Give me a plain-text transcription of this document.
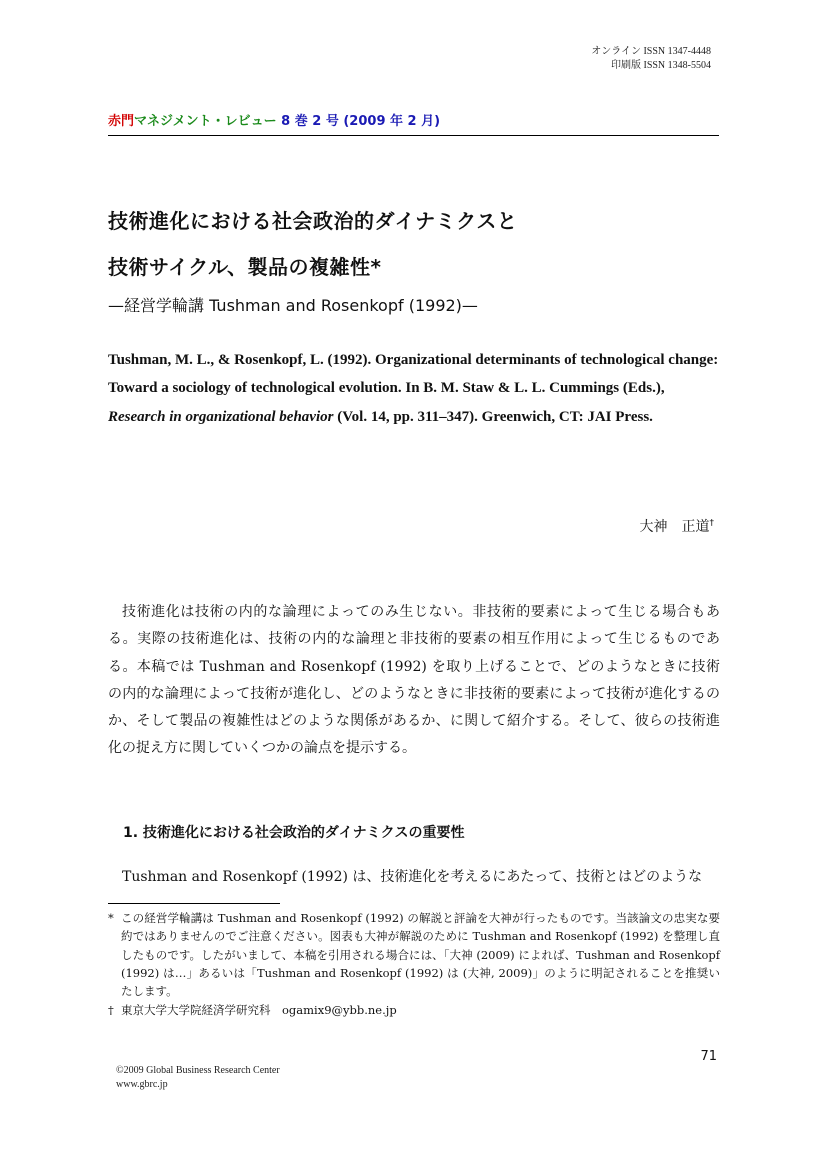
オンライン ISSN 1347-4448
印刷版 ISSN 1348-5504
赤門マネジメント・レビュー 8 巻 2 号 (2009 年 2 月)
技術進化における社会政治的ダイナミクスと
技術サイクル、製品の複雑性*
—経営学輪講 Tushman and Rosenkopf (1992)—
Tushman, M. L., & Rosenkopf, L. (1992). Organizational determinants of technological change: Toward a sociology of technological evolution. In B. M. Staw & L. L. Cummings (Eds.), Research in organizational behavior (Vol. 14, pp. 311–347). Greenwich, CT: JAI Press.
大神　正道†

技術進化は技術の内的な論理によってのみ生じない。非技術的要素によって生じる場合もある。実際の技術進化は、技術の内的な論理と非技術的要素の相互作用によって生じるものである。本稿では Tushman and Rosenkopf (1992) を取り上げることで、どのようなときに技術の内的な論理によって技術が進化し、どのようなときに非技術的要素によって技術が進化するのか、そして製品の複雑性はどのような関係があるか、に関して紹介する。そして、彼らの技術進化の捉え方に関していくつかの論点を提示する。

1. 技術進化における社会政治的ダイナミクスの重要性

Tushman and Rosenkopf (1992) は、技術進化を考えるにあたって、技術とはどのような

* この経営学輪講は Tushman and Rosenkopf (1992) の解説と評論を大神が行ったものです。当該論文の忠実な要約ではありませんのでご注意ください。図表も大神が解説のために Tushman and Rosenkopf (1992) を整理し直したものです。したがいまして、本稿を引用される場合には、「大神 (2009) によれば、Tushman and Rosenkopf (1992) は…」あるいは「Tushman and Rosenkopf (1992) は (大神, 2009)」のように明記されることを推奨いたします。
† 東京大学大学院経済学研究科　ogamix9@ybb.ne.jp
71
©2009 Global Business Research Center
www.gbrc.jp
